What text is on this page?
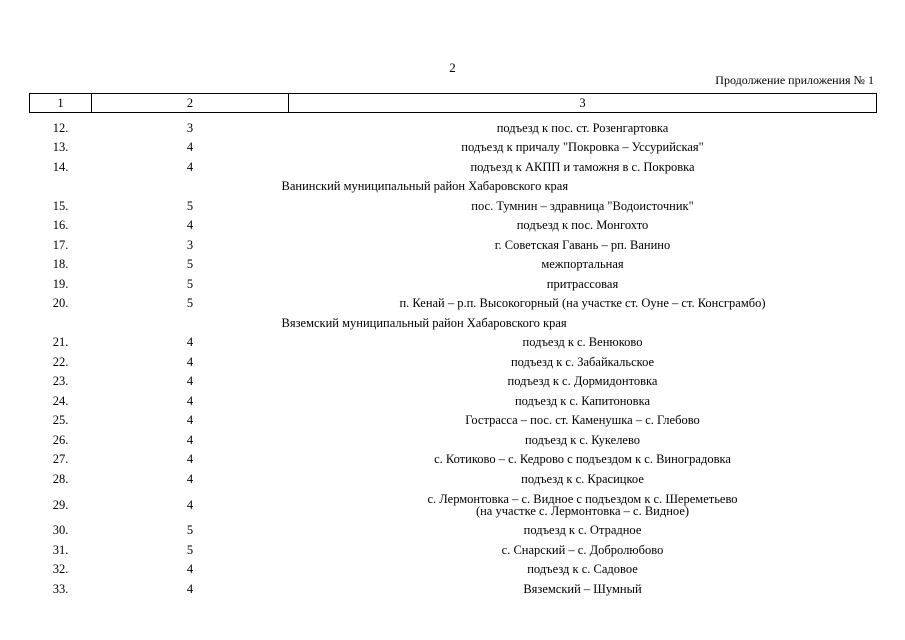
2
Продолжение приложения № 1
1	2	3
12.	3	подъезд к пос. ст. Розенгартовка
13.	4	подъезд к причалу "Покровка – Уссурийская"
14.	4	подъезд к АКПП и таможня в с. Покровка
Ванинский муниципальный район Хабаровского края		
15.	5	пос. Тумнин – здравница "Водоисточник"
16.	4	подъезд к пос. Монгохто
17.	3	г. Советская Гавань – рп. Ванино
18.	5	межпортальная
19.	5	притрассовая
20.	5	п. Кенай – р.п. Высокогорный (на участке ст. Оуне – ст. Консграмбо)
Вяземский муниципальный район Хабаровского края		
21.	4	подъезд к с. Венюково
22.	4	подъезд к с. Забайкальское
23.	4	подъезд к с. Дормидонтовка
24.	4	подъезд к с. Капитоновка
25.	4	Гострасса – пос. ст. Каменушка – с. Глебово
26.	4	подъезд к с. Кукелево
27.	4	с. Котиково – с. Кедрово с подъездом к с. Виноградовка
28.	4	подъезд к с. Красицкое
29.	4	с. Лермонтовка – с. Видное с подъездом к с. Шереметьево
(на участке с. Лермонтовка – с. Видное)

30.	5	подъезд к с. Отрадное
31.	5	с. Снарский – с. Добролюбово
32.	4	подъезд к с. Садовое
33.	4	Вяземский – Шумный
